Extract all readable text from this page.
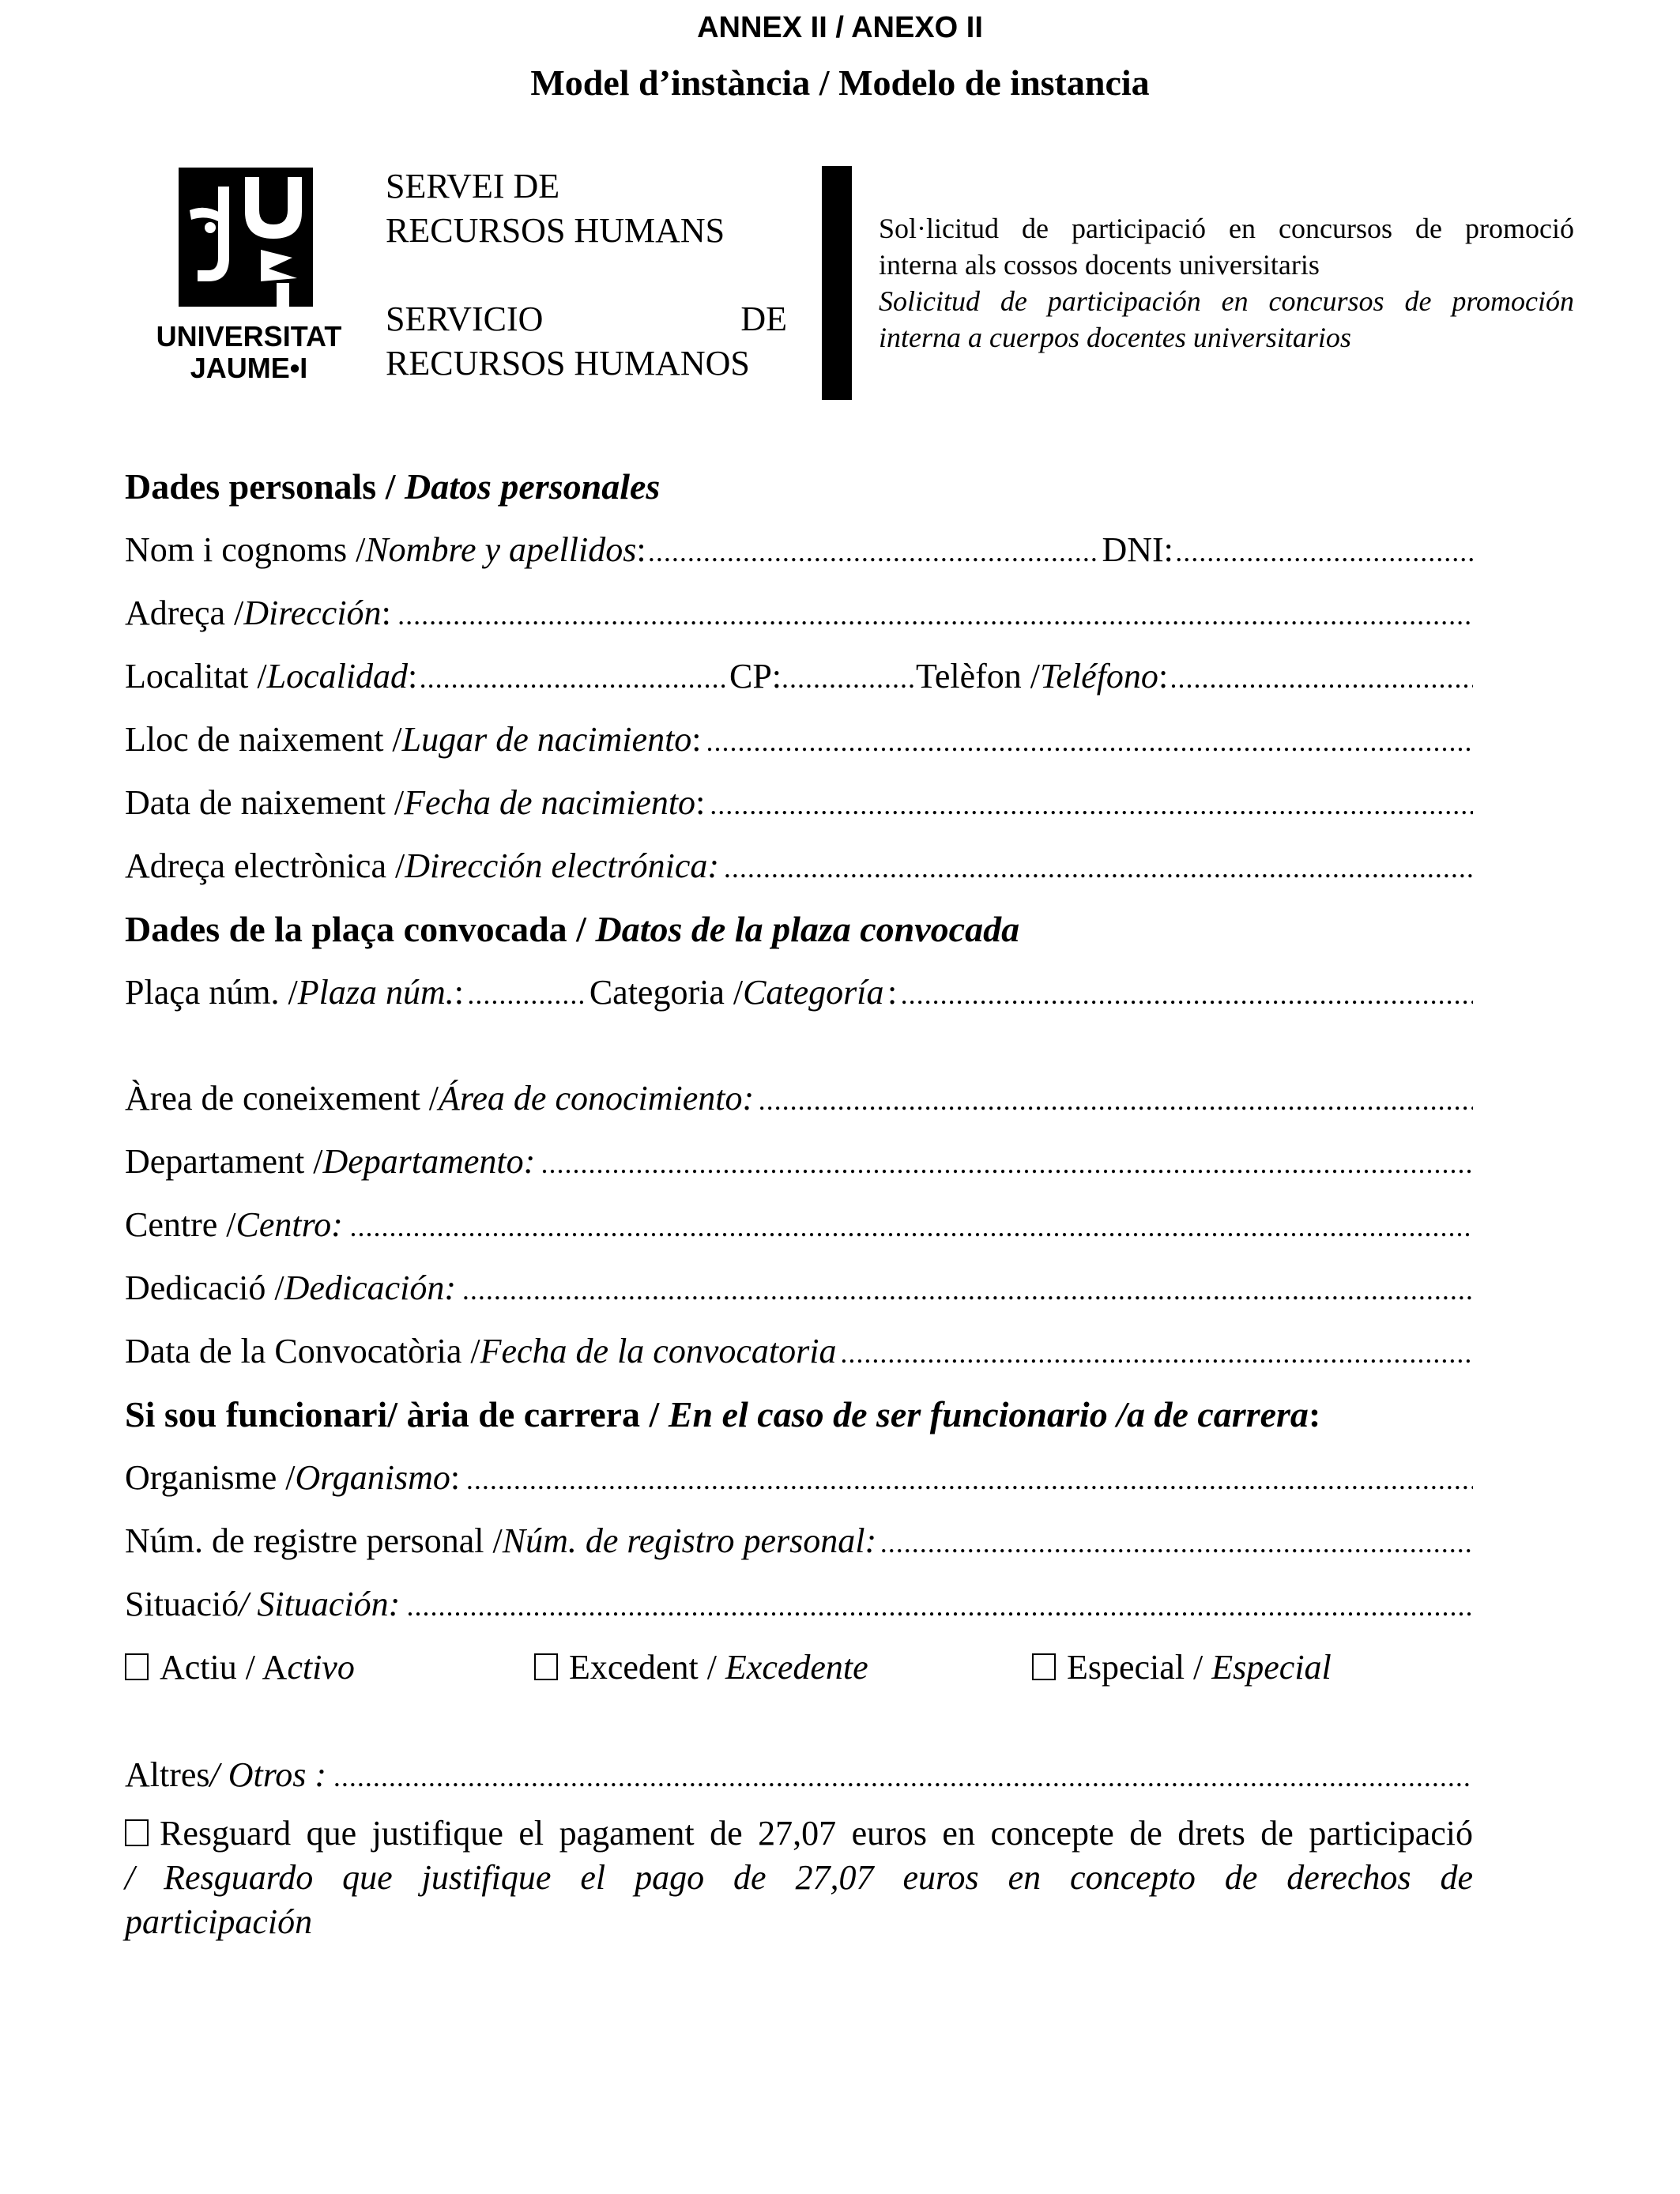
ANNEX II / ANEXO II
Model d’instància / Modelo de instancia
UNIVERSITAT
JAUME•I
SERVEI DE
RECURSOS HUMANS
SERVICIO	DE
RECURSOS HUMANOS
Sol·licitud de participació en concursos de promoció
interna als cossos docents universitaris
Solicitud de participación en concursos de promoción
interna a cuerpos docentes universitarios
Dades personals / Datos personales
Nom i cognoms / Nombre y apellidos : . . .	DNI:
. . .
Adreça / Dirección :
. . .
Localitat / Localidad : . . .	CP: . . .	Telèfon / Teléfono :
. . .
Lloc de naixement / Lugar de nacimiento :
. . .
Data de naixement / Fecha de nacimiento :
. . .
Adreça electrònica / Dirección electrónica:
. . .
Dades de la plaça convocada / Datos de la plaza convocada
Plaça núm. / Plaza núm. : . . .	Categoria / Categoría :
. . .
Àrea de coneixement / Área de conocimiento:
. . .
Departament / Departamento:
. . .
Centre / Centro:
. . .
Dedicació / Dedicación:
. . .
Data de la Convocatòria / Fecha de la convocatoria
. . .
Si sou funcionari/ ària de carrera / En el caso de ser funcionario /a de carrera:
Organisme / Organismo :
. . .
Núm. de registre personal / Núm. de registro personal:
. . .
Situació / Situación:
. . .
Actiu / Activo	Excedent / Excedente	Especial / Especial
Altres / Otros :
. . .
Resguard que justifique el pagament de 27,07 euros en concepte de drets de participació
/ Resguardo que justifique el pago de 27,07 euros en concepto de derechos de
participación
